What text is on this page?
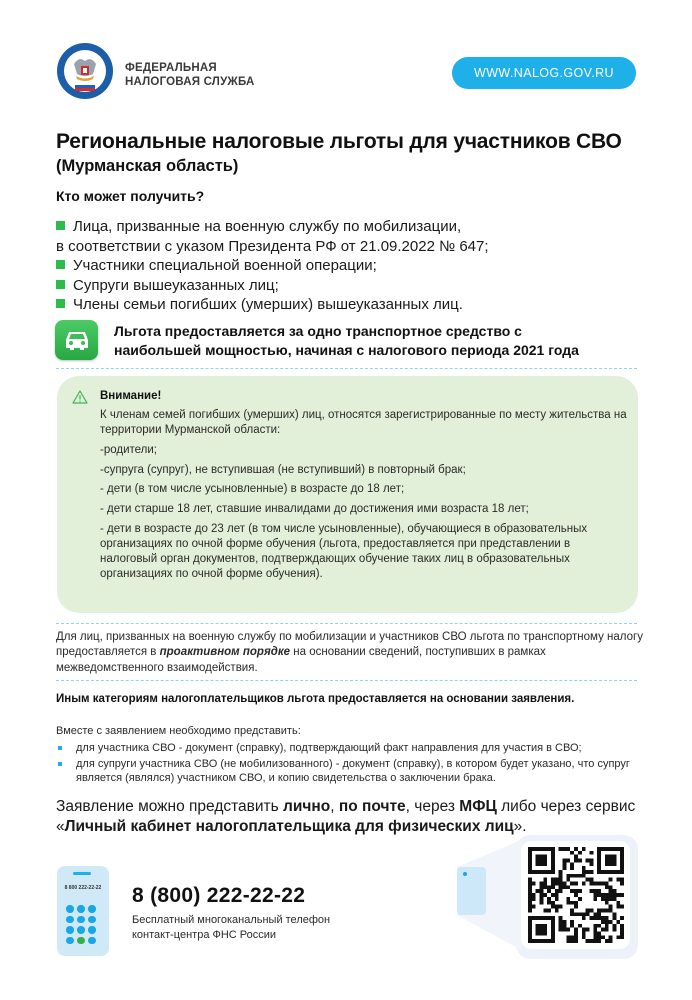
ФЕДЕРАЛЬНАЯ
НАЛОГОВАЯ СЛУЖБА
WWW.NALOG.GOV.RU
Региональные налоговые льготы для участников СВО
(Мурманская область)
Кто может получить?
Лица, призванные на военную службу по мобилизации,
в соответствии с указом Президента РФ от 21.09.2022 № 647;
Участники специальной военной операции;
Супруги вышеуказанных лиц;
Члены семьи погибших (умерших) вышеуказанных лиц.
Льгота предоставляется за одно транспортное средство с
наибольшей мощностью, начиная с налогового периода 2021 года
Внимание!

К членам семей погибших (умерших) лиц, относятся зарегистрированные по месту жительства на территории Мурманской области:

-родители;

-супруга (супруг), не вступившая (не вступивший) в повторный брак;

- дети (в том числе усыновленные) в возрасте до 18 лет;

- дети старше 18 лет, ставшие инвалидами до достижения ими возраста 18 лет;

- дети в возрасте до 23 лет (в том числе усыновленные), обучающиеся в образовательных организациях по очной форме обучения (льгота, предоставляется при представлении в налоговый орган документов, подтверждающих обучение таких лиц в образовательных организациях по очной форме обучения).

Для лиц, призванных на военную службу по мобилизации и участников СВО льгота по транспортному налогу предоставляется в проактивном порядке на основании сведений, поступивших в рамках межведомственного взаимодействия.
Иным категориям налогоплательщиков льгота предоставляется на основании заявления.
Вместе с заявлением необходимо представить:
для участника СВО - документ (справку), подтверждающий факт направления для участия в СВО;
для супруги участника СВО (не мобилизованного) - документ (справку), в котором будет указано, что супруг является (являлся) участником СВО, и копию свидетельства о заключении брака.
Заявление можно представить лично, по почте, через МФЦ либо через сервис «Личный кабинет налогоплательщика для физических лиц».
8 800 222-22-22	8 (800) 222-22-22
Бесплатный многоканальный телефон
контакт-центра ФНС России
